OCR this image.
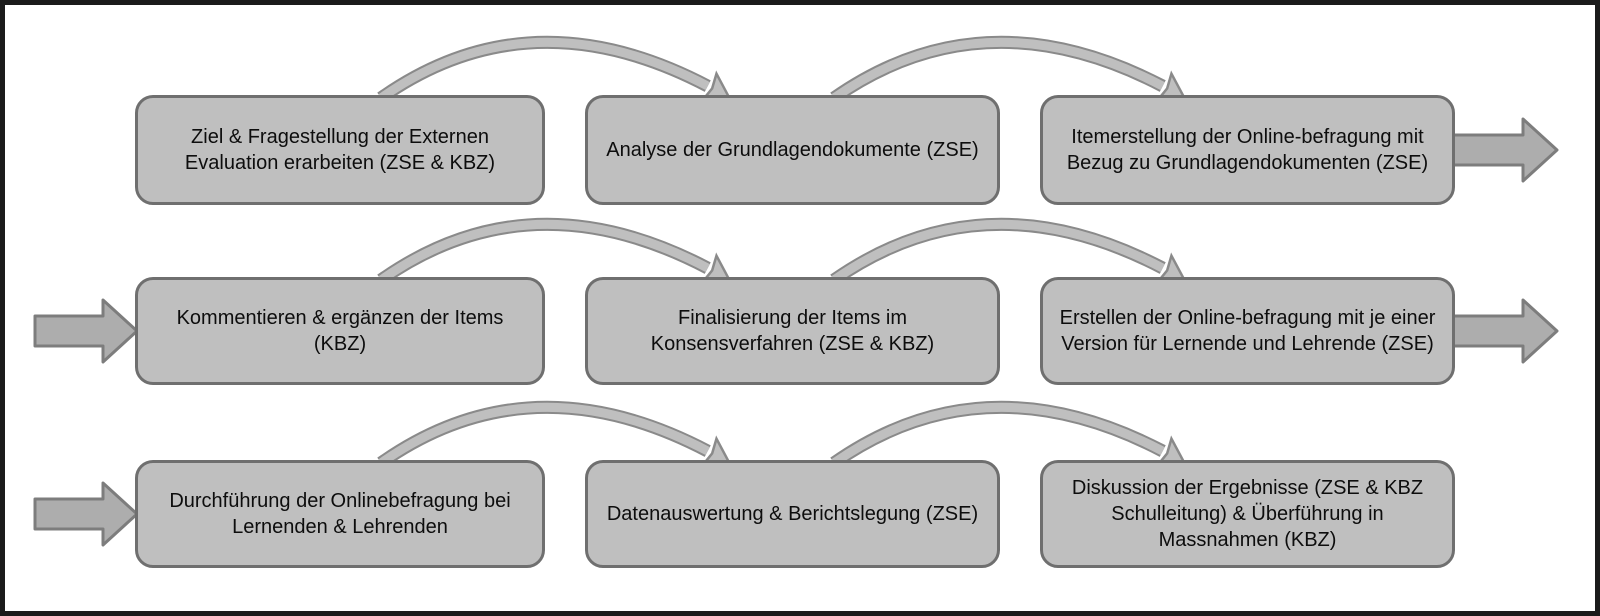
Ziel & Fragestellung der Externen Evaluation erarbeiten (ZSE & KBZ)
Analyse der Grundlagendokumente (ZSE)
Itemerstellung der Online-befragung mit Bezug zu Grundlagendokumenten (ZSE)
Kommentieren & ergänzen der Items (KBZ)
Finalisierung der Items im Konsensverfahren (ZSE & KBZ)
Erstellen der Online-befragung mit je einer Version für Lernende und Lehrende (ZSE)
Durchführung der Onlinebefragung bei Lernenden & Lehrenden
Datenauswertung & Berichtslegung (ZSE)
Diskussion der Ergebnisse (ZSE & KBZ Schulleitung) & Überführung in Massnahmen (KBZ)
